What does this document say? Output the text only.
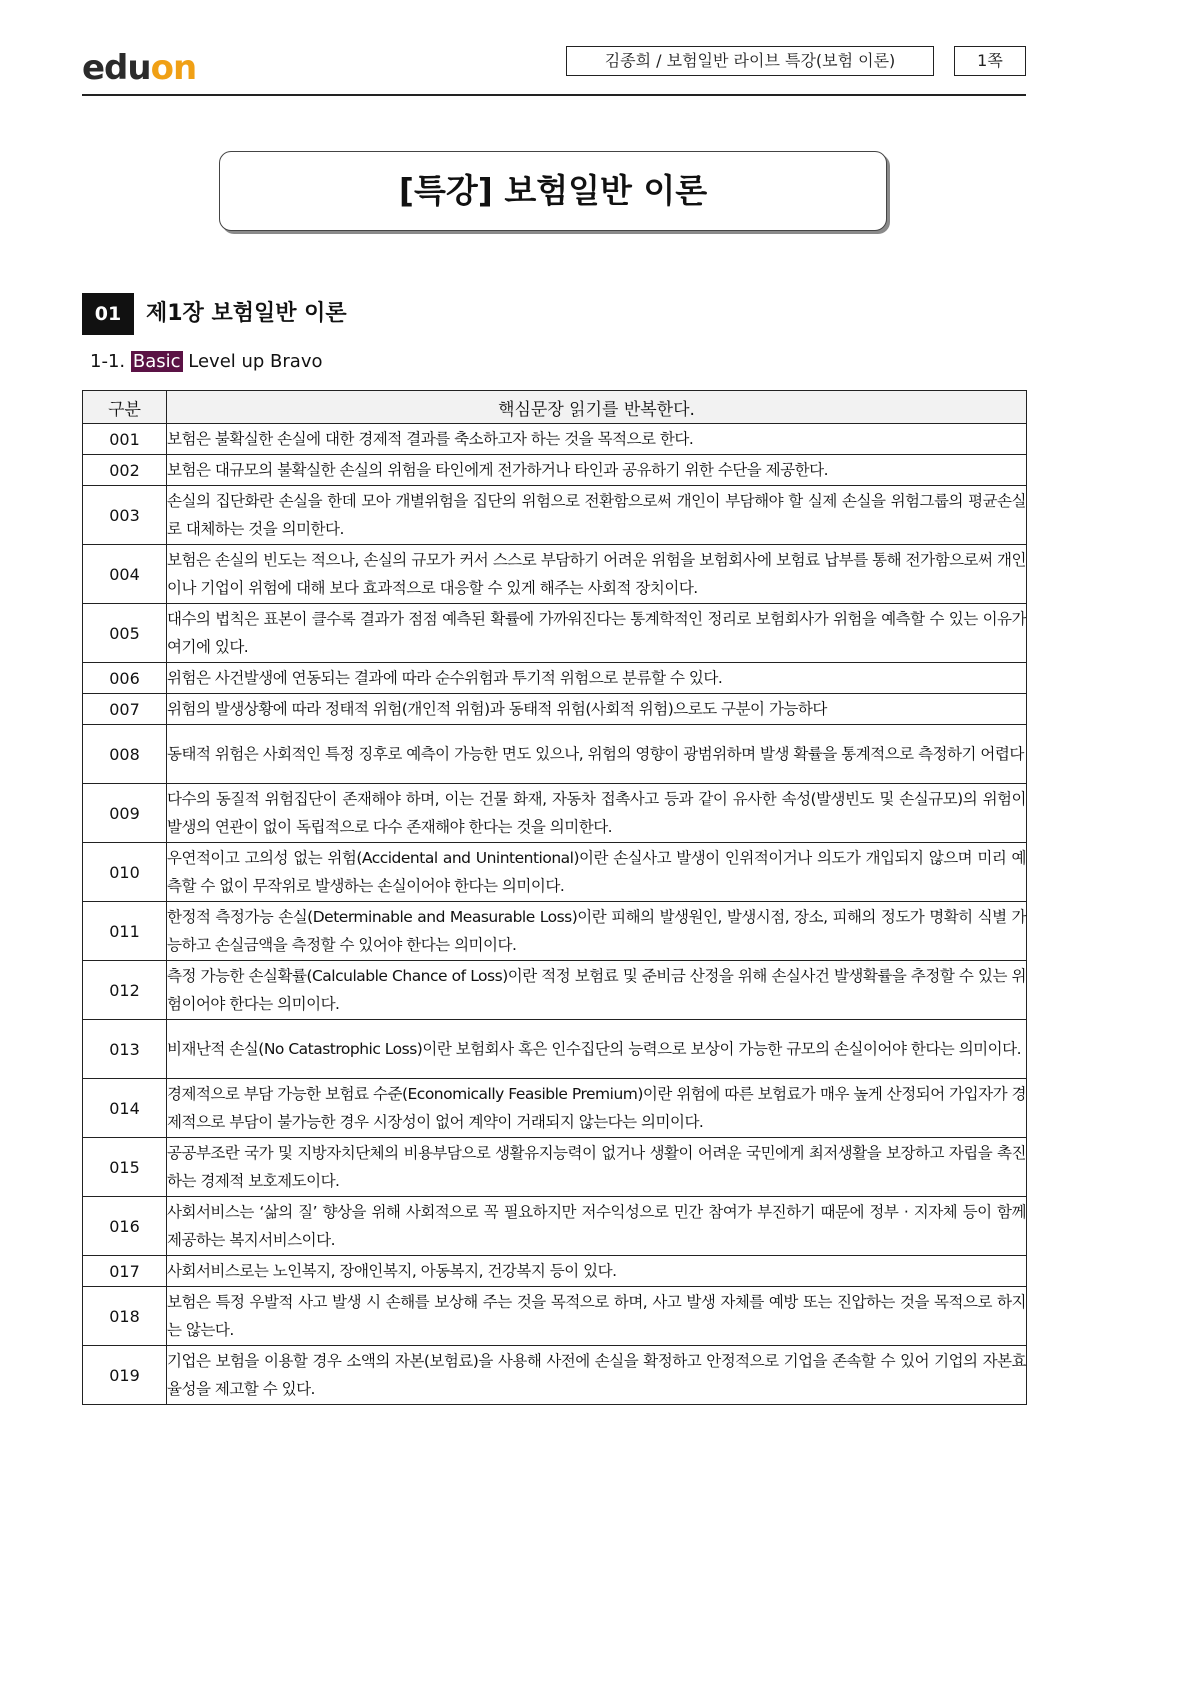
eduon	김종희 / 보험일반 라이브 특강(보험 이론)	1쪽
[특강] 보험일반 이론
01	제1장 보험일반 이론
1-1. Basic Level up Bravo
구분	핵심문장 읽기를 반복한다.
001	보험은 불확실한 손실에 대한 경제적 결과를 축소하고자 하는 것을 목적으로 한다.
002	보험은 대규모의 불확실한 손실의 위험을 타인에게 전가하거나 타인과 공유하기 위한 수단을 제공한다.
003	손실의 집단화란 손실을 한데 모아 개별위험을 집단의 위험으로 전환함으로써 개인이 부담해야 할 실제 손실을 위험그룹의 평균손실로 대체하는 것을 의미한다.
004	보험은 손실의 빈도는 적으나, 손실의 규모가 커서 스스로 부담하기 어려운 위험을 보험회사에 보험료 납부를 통해 전가함으로써 개인이나 기업이 위험에 대해 보다 효과적으로 대응할 수 있게 해주는 사회적 장치이다.
005	대수의 법칙은 표본이 클수록 결과가 점점 예측된 확률에 가까워진다는 통계학적인 정리로 보험회사가 위험을 예측할 수 있는 이유가 여기에 있다.
006	위험은 사건발생에 연동되는 결과에 따라 순수위험과 투기적 위험으로 분류할 수 있다.
007	위험의 발생상황에 따라 정태적 위험(개인적 위험)과 동태적 위험(사회적 위험)으로도 구분이 가능하다
008	동태적 위험은 사회적인 특정 징후로 예측이 가능한 면도 있으나, 위험의 영향이 광범위하며 발생 확률을 통계적으로 측정하기 어렵다
009	다수의 동질적 위험집단이 존재해야 하며, 이는 건물 화재, 자동차 접촉사고 등과 같이 유사한 속성(발생빈도 및 손실규모)의 위험이 발생의 연관이 없이 독립적으로 다수 존재해야 한다는 것을 의미한다.
010	우연적이고 고의성 없는 위험(Accidental and Unintentional)이란 손실사고 발생이 인위적이거나 의도가 개입되지 않으며 미리 예측할 수 없이 무작위로 발생하는 손실이어야 한다는 의미이다.
011	한정적 측정가능 손실(Determinable and Measurable Loss)이란 피해의 발생원인, 발생시점, 장소, 피해의 정도가 명확히 식별 가능하고 손실금액을 측정할 수 있어야 한다는 의미이다.
012	측정 가능한 손실확률(Calculable Chance of Loss)이란 적정 보험료 및 준비금 산정을 위해 손실사건 발생확률을 추정할 수 있는 위험이어야 한다는 의미이다.
013	비재난적 손실(No Catastrophic Loss)이란 보험회사 혹은 인수집단의 능력으로 보상이 가능한 규모의 손실이어야 한다는 의미이다.
014	경제적으로 부담 가능한 보험료 수준(Economically Feasible Premium)이란 위험에 따른 보험료가 매우 높게 산정되어 가입자가 경제적으로 부담이 불가능한 경우 시장성이 없어 계약이 거래되지 않는다는 의미이다.
015	공공부조란 국가 및 지방자치단체의 비용부담으로 생활유지능력이 없거나 생활이 어려운 국민에게 최저생활을 보장하고 자립을 촉진하는 경제적 보호제도이다.
016	사회서비스는 ‘삶의 질’ 향상을 위해 사회적으로 꼭 필요하지만 저수익성으로 민간 참여가 부진하기 때문에 정부 · 지자체 등이 함께 제공하는 복지서비스이다.
017	사회서비스로는 노인복지, 장애인복지, 아동복지, 건강복지 등이 있다.
018	보험은 특정 우발적 사고 발생 시 손해를 보상해 주는 것을 목적으로 하며, 사고 발생 자체를 예방 또는 진압하는 것을 목적으로 하지는 않는다.
019	기업은 보험을 이용할 경우 소액의 자본(보험료)을 사용해 사전에 손실을 확정하고 안정적으로 기업을 존속할 수 있어 기업의 자본효율성을 제고할 수 있다.
